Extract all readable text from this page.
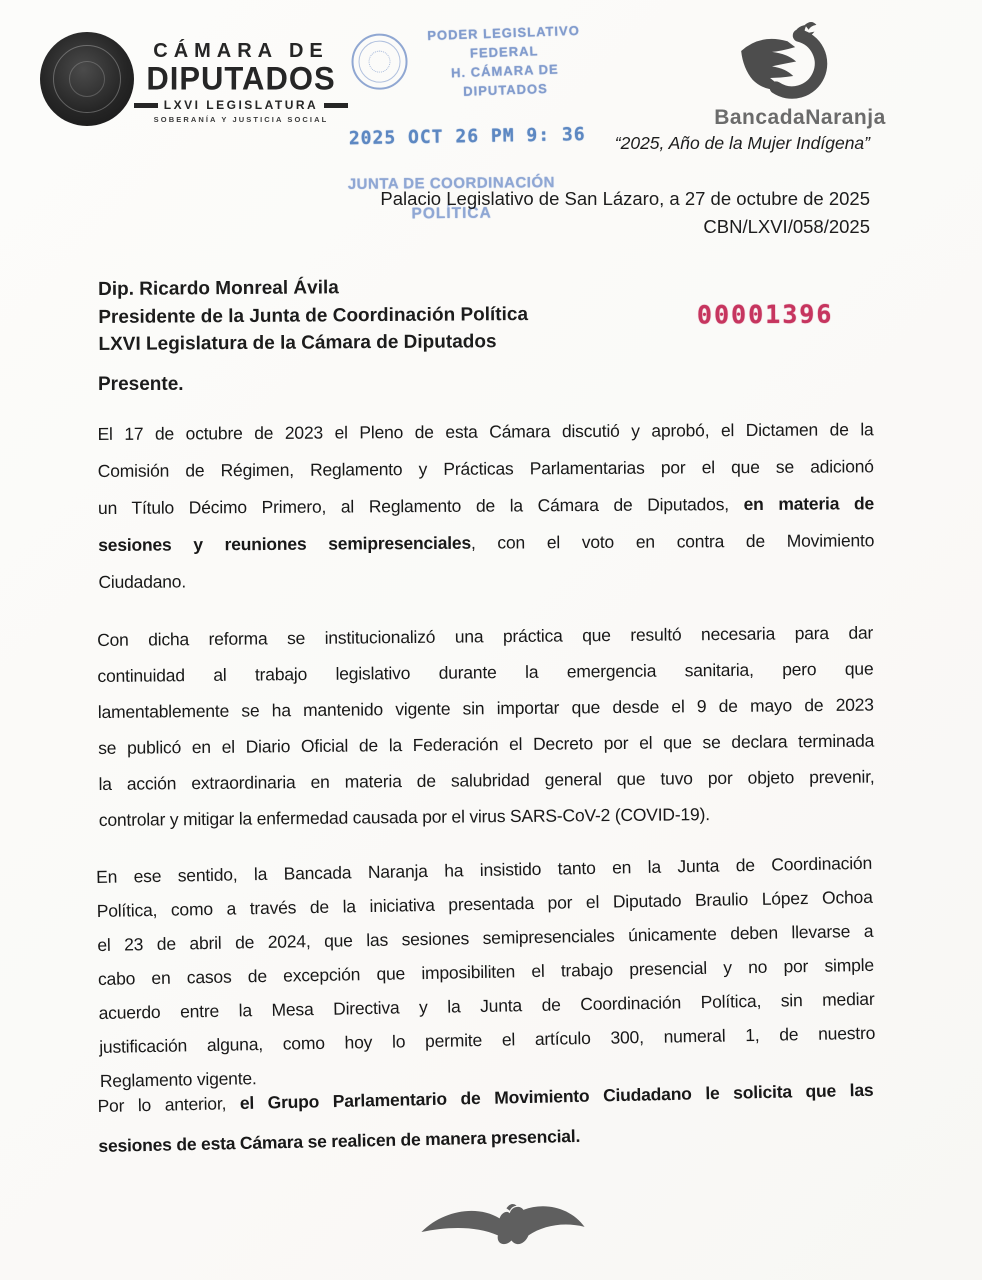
CÁMARA DE
DIPUTADOS
LXVI LEGISLATURA
SOBERANÍA Y JUSTICIA SOCIAL
PODER LEGISLATIVO
FEDERAL
H. CÁMARA DE
DIPUTADOS
2025 OCT 26 PM 9: 36
BancadaNaranja
“2025, Año de la Mujer Indígena”
JUNTA DE COORDINACIÓN
POLÍTICA
Palacio Legislativo de San Lázaro, a 27 de octubre de 2025
CBN/LXVI/058/2025
Dip. Ricardo Monreal Ávila
Presidente de la Junta de Coordinación Política
LXVI Legislatura de la Cámara de Diputados
00001396
Presente.
El 17 de octubre de 2023 el Pleno de esta Cámara discutió y aprobó, el Dictamen de la
Comisión de Régimen, Reglamento y Prácticas Parlamentarias por el que se adicionó
un Título Décimo Primero, al Reglamento de la Cámara de Diputados, en materia de
sesiones y reuniones semipresenciales, con el voto en contra de Movimiento
Ciudadano.
Con dicha reforma se institucionalizó una práctica que resultó necesaria para dar
continuidad al trabajo legislativo durante la emergencia sanitaria, pero que
lamentablemente se ha mantenido vigente sin importar que desde el 9 de mayo de 2023
se publicó en el Diario Oficial de la Federación el Decreto por el que se declara terminada
la acción extraordinaria en materia de salubridad general que tuvo por objeto prevenir,
controlar y mitigar la enfermedad causada por el virus SARS-CoV-2 (COVID-19).
En ese sentido, la Bancada Naranja ha insistido tanto en la Junta de Coordinación
Política, como a través de la iniciativa presentada por el Diputado Braulio López Ochoa
el 23 de abril de 2024, que las sesiones semipresenciales únicamente deben llevarse a
cabo en casos de excepción que imposibiliten el trabajo presencial y no por simple
acuerdo entre la Mesa Directiva y la Junta de Coordinación Política, sin mediar
justificación alguna, como hoy lo permite el artículo 300, numeral 1, de nuestro
Reglamento vigente.
Por lo anterior, el Grupo Parlamentario de Movimiento Ciudadano le solicita que las
sesiones de esta Cámara se realicen de manera presencial.
